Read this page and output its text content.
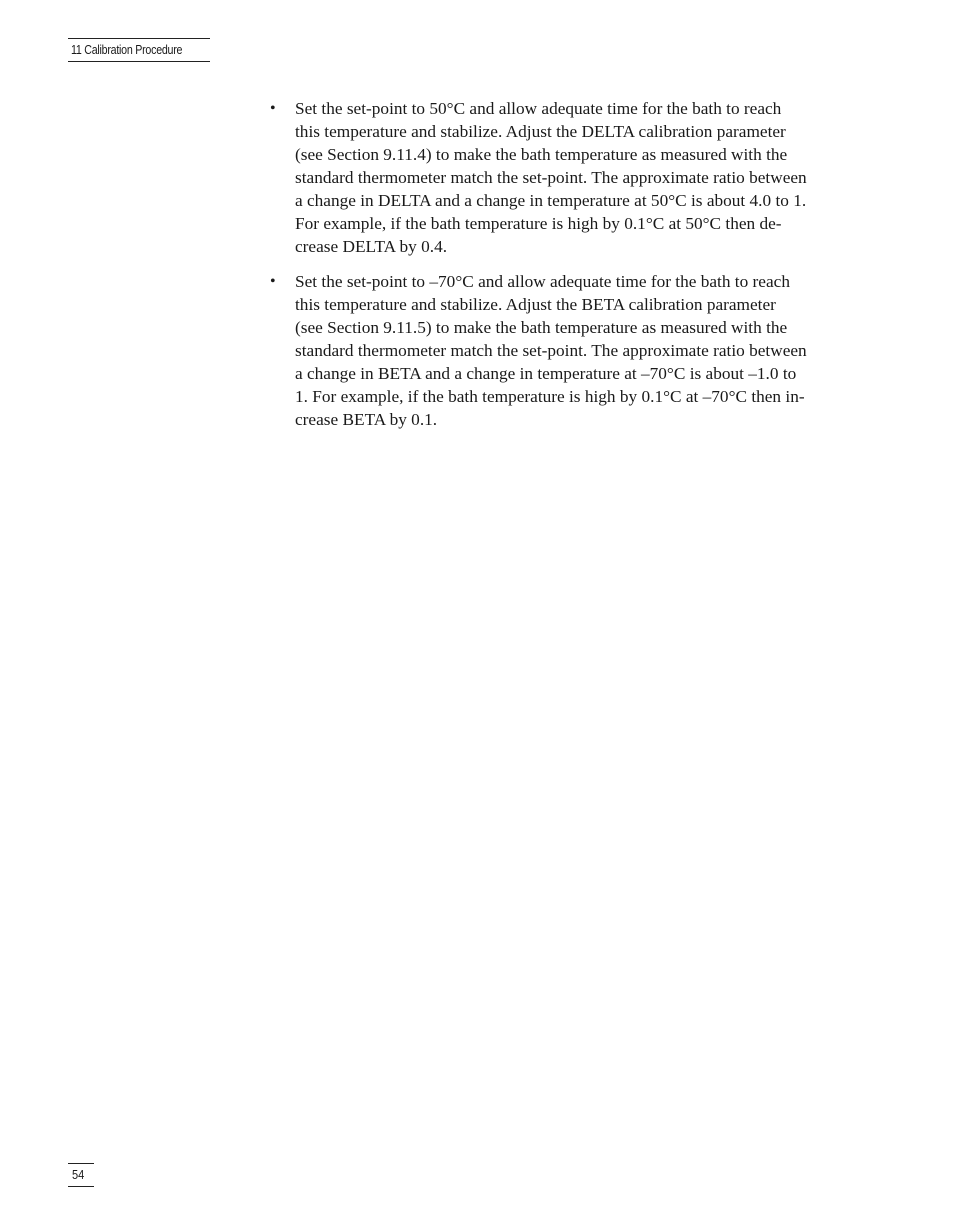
11 Calibration Procedure
• Set the set-point to 50°C and allow adequate time for the bath to reach
this temperature and stabilize. Adjust the DELTA calibration parameter
(see Section 9.11.4) to make the bath temperature as measured with the
standard thermometer match the set-point. The approximate ratio between
a change in DELTA and a change in temperature at 50°C is about 4.0 to 1.
For example, if the bath temperature is high by 0.1°C at 50°C then de-
crease DELTA by 0.4.
• Set the set-point to –70°C and allow adequate time for the bath to reach
this temperature and stabilize. Adjust the BETA calibration parameter
(see Section 9.11.5) to make the bath temperature as measured with the
standard thermometer match the set-point. The approximate ratio between
a change in BETA and a change in temperature at –70°C is about –1.0 to
1. For example, if the bath temperature is high by 0.1°C at –70°C then in-
crease BETA by 0.1.
54
